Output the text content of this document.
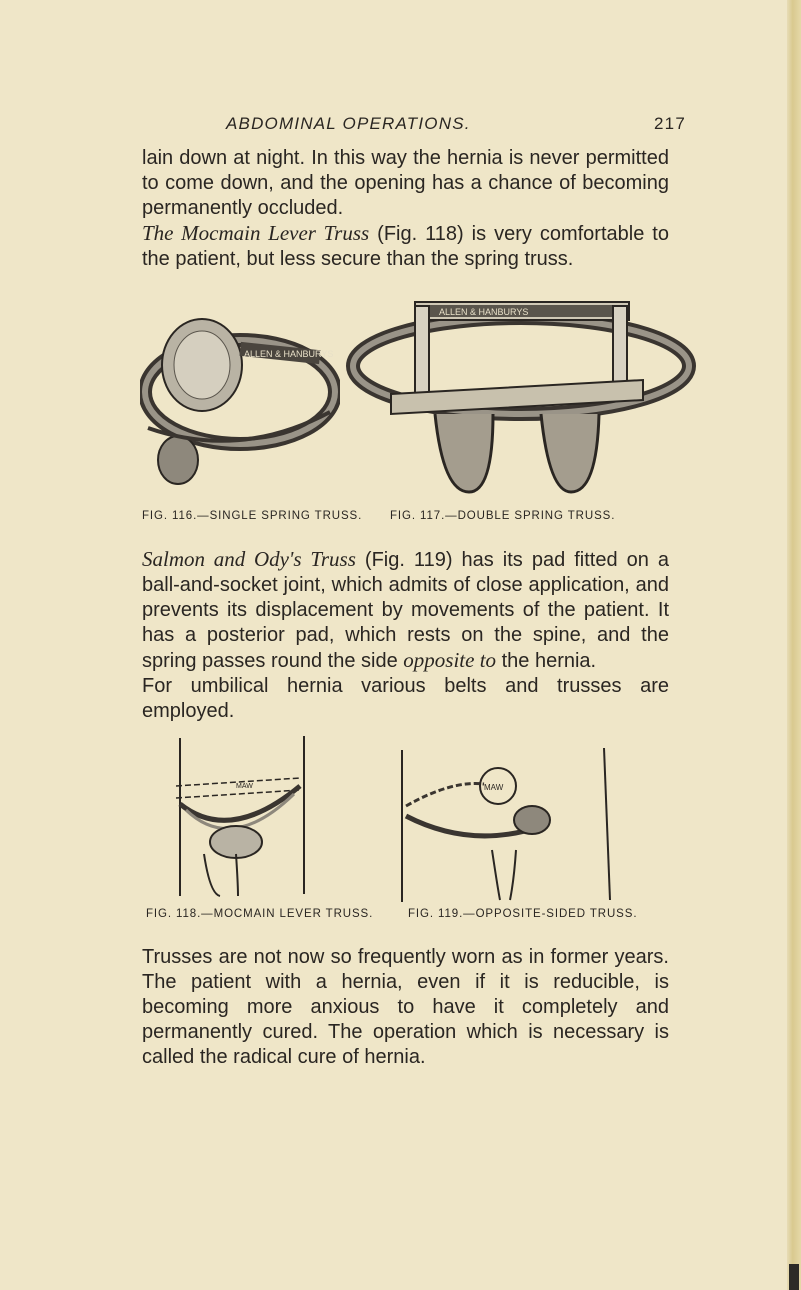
ABDOMINAL OPERATIONS.	217

lain down at night. In this way the hernia is never permitted to come down, and the opening has a chance of becoming permanently occluded.

The Mocmain Lever Truss (Fig. 118) is very comfortable to the patient, but less secure than the spring truss.

ALLEN & HANBURYS
ALLEN & HANBURYS
FIG. 116.—SINGLE SPRING TRUSS. FIG. 117.—DOUBLE SPRING TRUSS.

Salmon and Ody's Truss (Fig. 119) has its pad fitted on a ball-and-socket joint, which admits of close application, and prevents its displacement by movements of the patient. It has a posterior pad, which rests on the spine, and the spring passes round the side opposite to the hernia.

For umbilical hernia various belts and trusses are employed.

MAW	MAW
FIG. 118.—MOCMAIN LEVER TRUSS.	FIG. 119.—OPPOSITE-SIDED TRUSS.

Trusses are not now so frequently worn as in former years. The patient with a hernia, even if it is reducible, is becoming more anxious to have it completely and permanently cured. The operation which is necessary is called the radical cure of hernia.
